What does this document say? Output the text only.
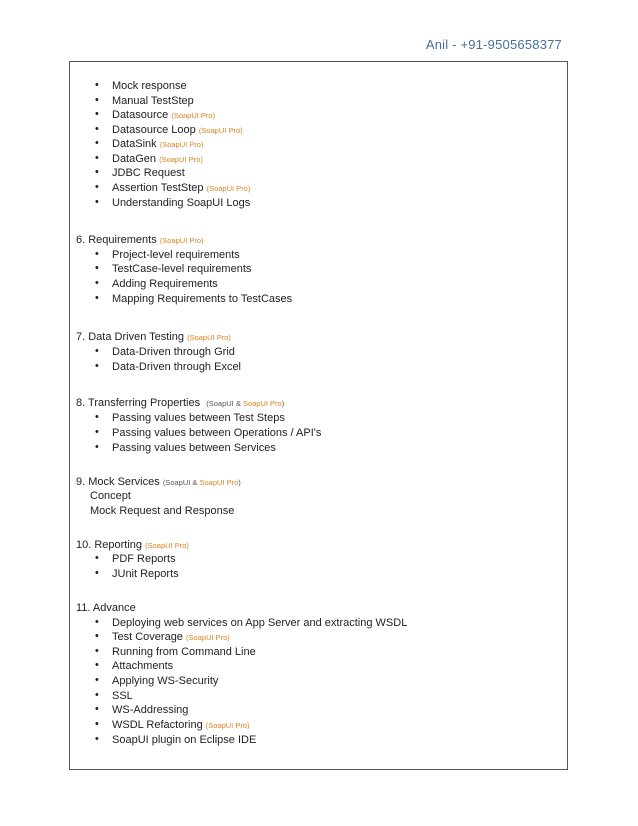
Anil - +91-9505658377
• Mock response
• Manual TestStep
• Datasource (SoapUI Pro)
• Datasource Loop (SoapUI Pro)
• DataSink (SoapUI Pro)
• DataGen (SoapUI Pro)
• JDBC Request
• Assertion TestStep (SoapUI Pro)
• Understanding SoapUI Logs
6. Requirements (SoapUI Pro)
• Project-level requirements
• TestCase-level requirements
• Adding Requirements
• Mapping Requirements to TestCases
7. Data Driven Testing (SoapUI Pro)
• Data-Driven through Grid
• Data-Driven through Excel
8. Transferring Properties (SoapUI & SoapUI Pro)
• Passing values between Test Steps
• Passing values between Operations / API's
• Passing values between Services
9. Mock Services (SoapUI & SoapUI Pro)
Concept
Mock Request and Response
10. Reporting (SoapUI Pro)
• PDF Reports
• JUnit Reports
11. Advance
• Deploying web services on App Server and extracting WSDL
• Test Coverage (SoapUI Pro)
• Running from Command Line
• Attachments
• Applying WS-Security
• SSL
• WS-Addressing
• WSDL Refactoring (SoapUI Pro)
• SoapUI plugin on Eclipse IDE
